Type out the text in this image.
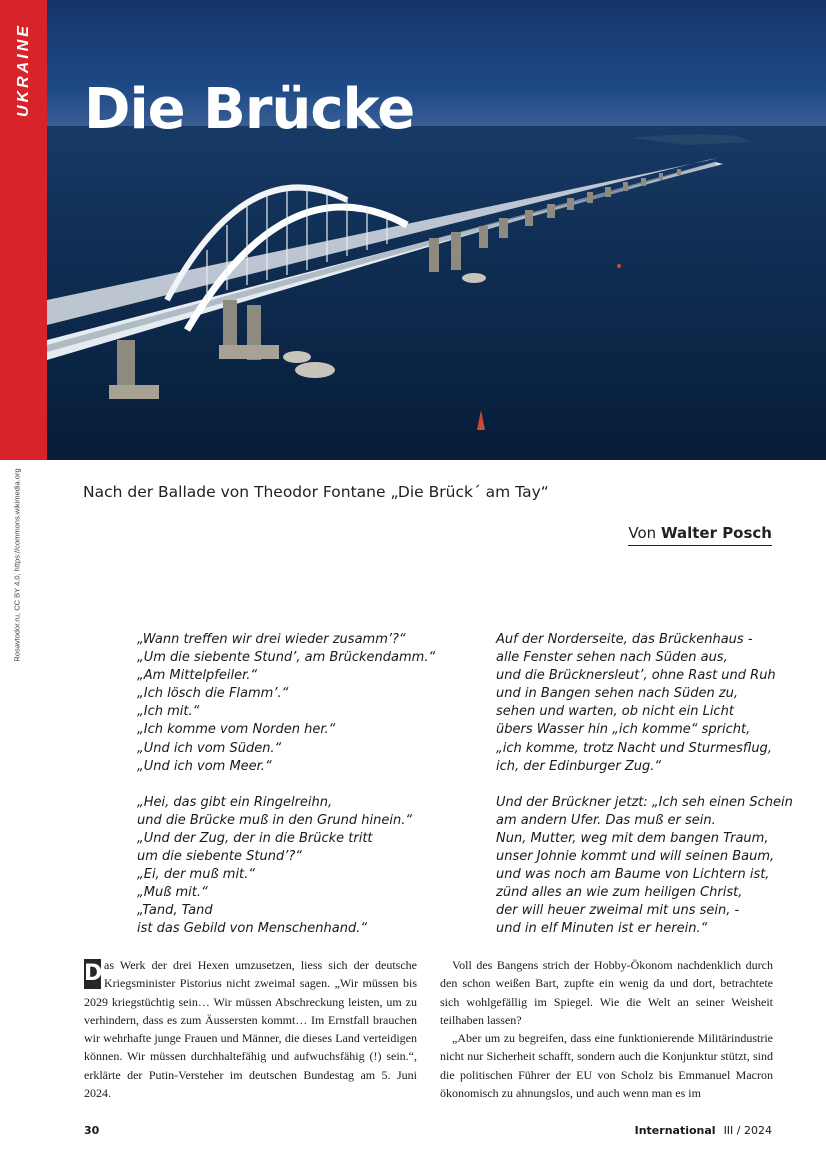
UKRAINE Die Brücke
Rosavtodor.ru, CC BY 4.0, https://commons.wikimedia.org	Nach der Ballade von Theodor Fontane „Die Brück´ am Tay“
Von Walter Posch
„Wann treffen wir drei wieder zusamm’?“
„Um die siebente Stund’, am Brückendamm.“
„Am Mittelpfeiler.“
„Ich lösch die Flamm’.“
„Ich mit.“
„Ich komme vom Norden her.“
„Und ich vom Süden.“
„Und ich vom Meer.“
„Hei, das gibt ein Ringelreihn,
und die Brücke muß in den Grund hinein.“
„Und der Zug, der in die Brücke tritt
um die siebente Stund’?“
„Ei, der muß mit.“
„Muß mit.“
„Tand, Tand
ist das Gebild von Menschenhand.“
Auf der Norderseite, das Brückenhaus -
alle Fenster sehen nach Süden aus,
und die Brücknersleut’, ohne Rast und Ruh
und in Bangen sehen nach Süden zu,
sehen und warten, ob nicht ein Licht
übers Wasser hin „ich komme“ spricht,
„ich komme, trotz Nacht und Sturmesflug,
ich, der Edinburger Zug.“
Und der Brückner jetzt: „Ich seh einen Schein
am andern Ufer. Das muß er sein.
Nun, Mutter, weg mit dem bangen Traum,
unser Johnie kommt und will seinen Baum,
und was noch am Baume von Lichtern ist,
zünd alles an wie zum heiligen Christ,
der will heuer zweimal mit uns sein, -
und in elf Minuten ist er herein.“

D as Werk der drei Hexen umzusetzen, liess sich der deutsche Kriegsminister Pistorius nicht zweimal sagen. „Wir müssen bis 2029 kriegstüchtig sein… Wir müssen Abschreckung leisten, um zu verhindern, dass es zum Äussersten kommt… Im Ernstfall brauchen wir wehrhafte junge Frauen und Männer, die dieses Land verteidigen können. Wir müssen durchhaltefähig und aufwuchsfähig (!) sein.“, erklärte der Putin-Versteher im deutschen Bundestag am 5. Juni 2024.

Voll des Bangens strich der Hobby-Ökonom nachdenklich durch den schon weißen Bart, zupfte ein wenig da und dort, betrachtete sich wohlgefällig im Spiegel. Wie die Welt an seiner Weisheit teilhaben lassen?

„Aber um zu begreifen, dass eine funktionierende Militärindustrie nicht nur Sicherheit schafft, sondern auch die Konjunktur stützt, sind die politischen Führer der EU von Scholz bis Emmanuel Macron ökonomisch zu ahnungslos, und auch wenn man es im

30	International III / 2024
